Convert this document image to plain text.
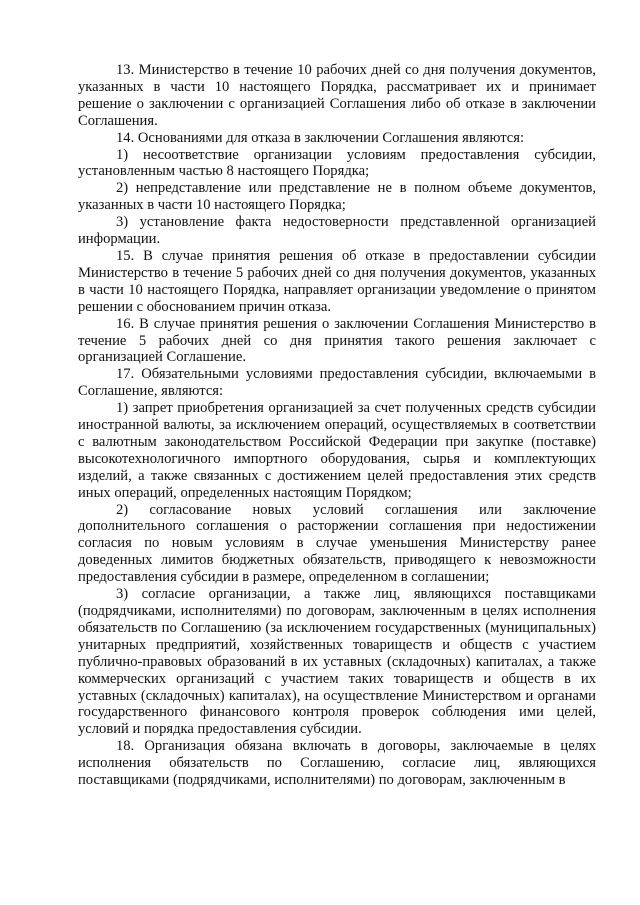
13. Министерство в течение 10 рабочих дней со дня получения документов, указанных в части 10 настоящего Порядка, рассматривает их и принимает решение о заключении с организацией Соглашения либо об отказе в заключении Соглашения.

14. Основаниями для отказа в заключении Соглашения являются:

1) несоответствие организации условиям предоставления субсидии, установленным частью 8 настоящего Порядка;

2) непредставление или представление не в полном объеме документов, указанных в части 10 настоящего Порядка;

3) установление факта недостоверности представленной организацией информации.

15. В случае принятия решения об отказе в предоставлении субсидии Министерство в течение 5 рабочих дней со дня получения документов, указанных в части 10 настоящего Порядка, направляет организации уведомление о принятом решении с обоснованием причин отказа.

16. В случае принятия решения о заключении Соглашения Министерство в течение 5 рабочих дней со дня принятия такого решения заключает с организацией Соглашение.

17. Обязательными условиями предоставления субсидии, включаемыми в Соглашение, являются:

1) запрет приобретения организацией за счет полученных средств субсидии иностранной валюты, за исключением операций, осуществляемых в соответствии с валютным законодательством Российской Федерации при закупке (поставке) высокотехнологичного импортного оборудования, сырья и комплектующих изделий, а также связанных с достижением целей предоставления этих средств иных операций, определенных настоящим Порядком;

2) согласование новых условий соглашения или заключение дополнительного соглашения о расторжении соглашения при недостижении согласия по новым условиям в случае уменьшения Министерству ранее доведенных лимитов бюджетных обязательств, приводящего к невозможности предоставления субсидии в размере, определенном в соглашении;

3) согласие организации, а также лиц, являющихся поставщиками (подрядчиками, исполнителями) по договорам, заключенным в целях исполнения обязательств по Соглашению (за исключением государственных (муниципальных) унитарных предприятий, хозяйственных товариществ и обществ с участием публично-правовых образований в их уставных (складочных) капиталах, а также коммерческих организаций с участием таких товариществ и обществ в их уставных (складочных) капиталах), на осуществление Министерством и органами государственного финансового контроля проверок соблюдения ими целей, условий и порядка предоставления субсидии.

18. Организация обязана включать в договоры, заключаемые в целях исполнения обязательств по Соглашению, согласие лиц, являющихся поставщиками (подрядчиками, исполнителями) по договорам, заключенным в
